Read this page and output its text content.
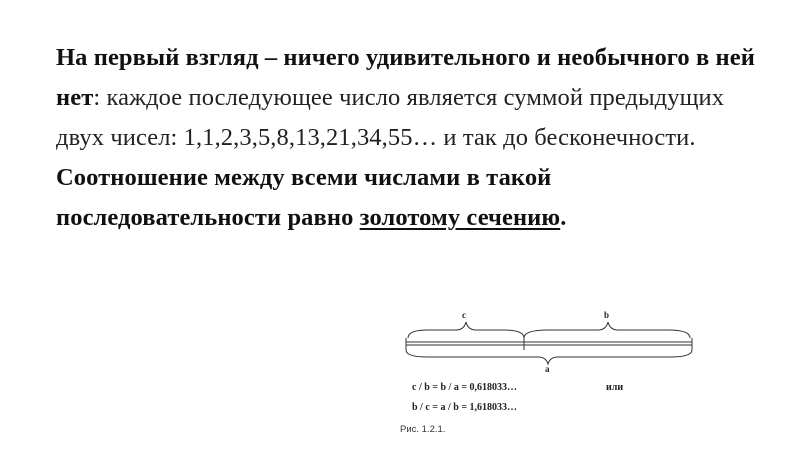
На первый взгляд – ничего удивительного и необычного в ней нет: каждое последующее число является суммой предыдущих двух чисел: 1,1,2,3,5,8,13,21,34,55… и так до бесконечности. Соотношение между всеми числами в такой последовательности равно золотому сечению.

c	b
a
c / b = b / a = 0,618033…	или
b / c = a / b = 1,618033…
Рис. 1.2.1.
